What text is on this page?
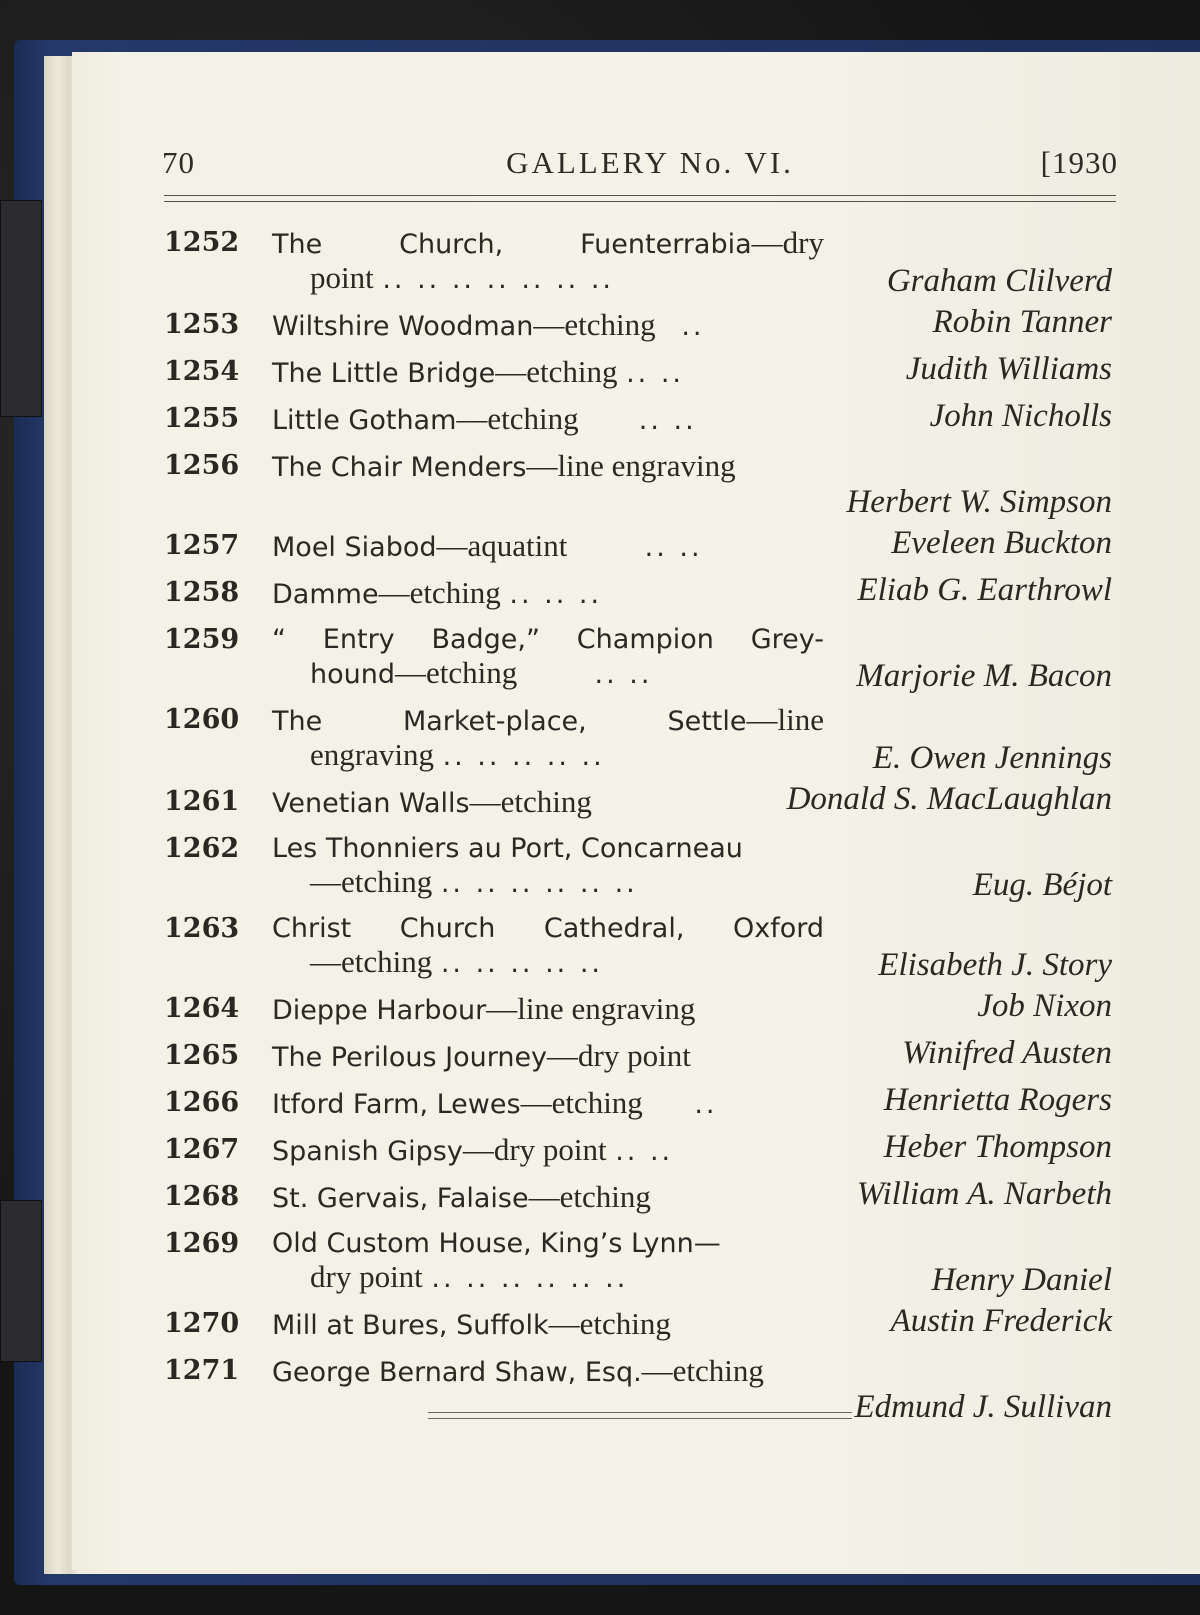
70	GALLERY No. VI.	[1930
1252 The Church, Fuenterrabia—dry
point .. .. .. .. .. .. ..	Graham Clilverd
1253 Wiltshire Woodman—etching ..	Robin Tanner
1254 The Little Bridge—etching .. ..	Judith Williams
1255 Little Gotham—etching .. ..	John Nicholls
1256 The Chair Menders—line engraving
Herbert W. Simpson
1257 Moel Siabod—aquatint	.. ..	Eveleen Buckton
1258 Damme—etching .. .. ..	Eliab G. Earthrowl
1259 “ Entry Badge,” Champion Grey-
hound—etching	.. ..	Marjorie M. Bacon
1260 The Market-place, Settle—line
engraving .. .. .. .. ..	E. Owen Jennings
1261 Venetian Walls—etching	Donald S. MacLaughlan
1262 Les Thonniers au Port, Concarneau
—etching .. .. .. .. .. ..	Eug. Béjot
1263 Christ Church Cathedral, Oxford
—etching .. .. .. .. ..	Elisabeth J. Story
1264 Dieppe Harbour—line engraving	Job Nixon
1265 The Perilous Journey—dry point	Winifred Austen
1266 Itford Farm, Lewes—etching ..	Henrietta Rogers
1267 Spanish Gipsy—dry point .. ..	Heber Thompson
1268 St. Gervais, Falaise—etching	William A. Narbeth
1269 Old Custom House, King’s Lynn—
dry point .. .. .. .. .. ..	Henry Daniel
1270 Mill at Bures, Suffolk—etching	Austin Frederick
1271 George Bernard Shaw, Esq.—etching
Edmund J. Sullivan
